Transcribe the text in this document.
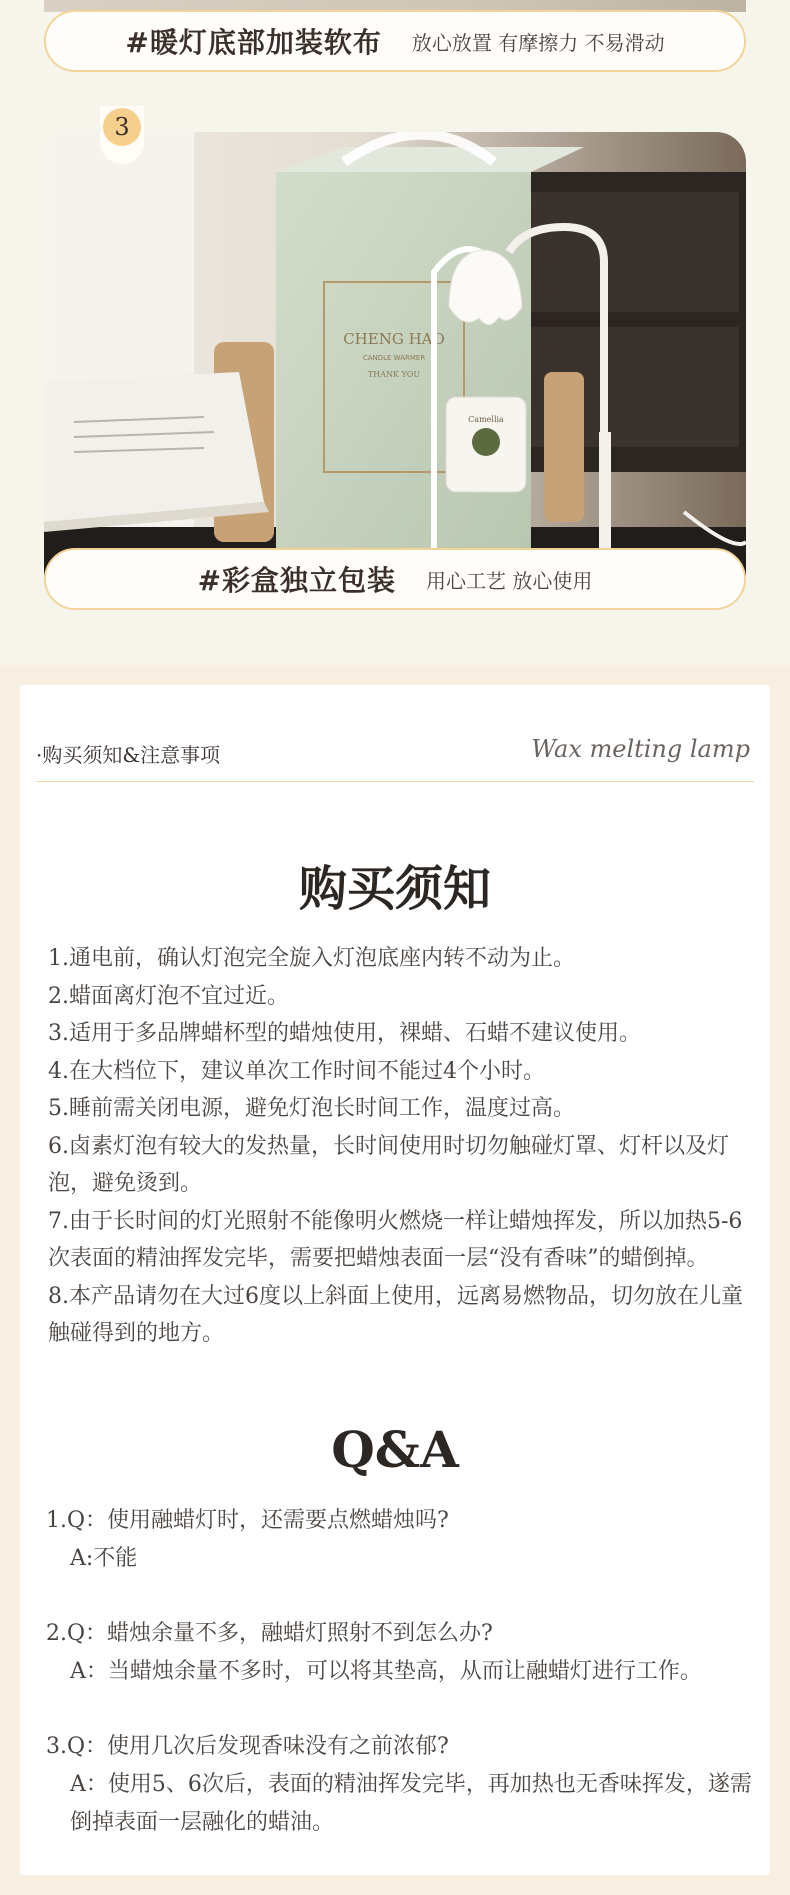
#暖灯底部加装软布 放心放置 有摩擦力 不易滑动
CHENG HAO
CANDLE WARMER
THANK YOU
Camellia
3
#彩盒独立包装 用心工艺 放心使用
·购买须知&注意事项	Wax melting lamp
购买须知
1.通电前，确认灯泡完全旋入灯泡底座内转不动为止。
2.蜡面离灯泡不宜过近。
3.适用于多品牌蜡杯型的蜡烛使用，裸蜡、石蜡不建议使用。
4.在大档位下，建议单次工作时间不能过4个小时。
5.睡前需关闭电源，避免灯泡长时间工作，温度过高。
6.卤素灯泡有较大的发热量，长时间使用时切勿触碰灯罩、灯杆以及灯泡，避免烫到。
7.由于长时间的灯光照射不能像明火燃烧一样让蜡烛挥发，所以加热5-6次表面的精油挥发完毕，需要把蜡烛表面一层“没有香味”的蜡倒掉。
8.本产品请勿在大过6度以上斜面上使用，远离易燃物品，切勿放在儿童触碰得到的地方。
Q&A
1.Q：使用融蜡灯时，还需要点燃蜡烛吗?
A:不能
2.Q：蜡烛余量不多，融蜡灯照射不到怎么办?
A：当蜡烛余量不多时，可以将其垫高，从而让融蜡灯进行工作。
3.Q：使用几次后发现香味没有之前浓郁?
A：使用5、6次后，表面的精油挥发完毕，再加热也无香味挥发，遂需倒掉表面一层融化的蜡油。
